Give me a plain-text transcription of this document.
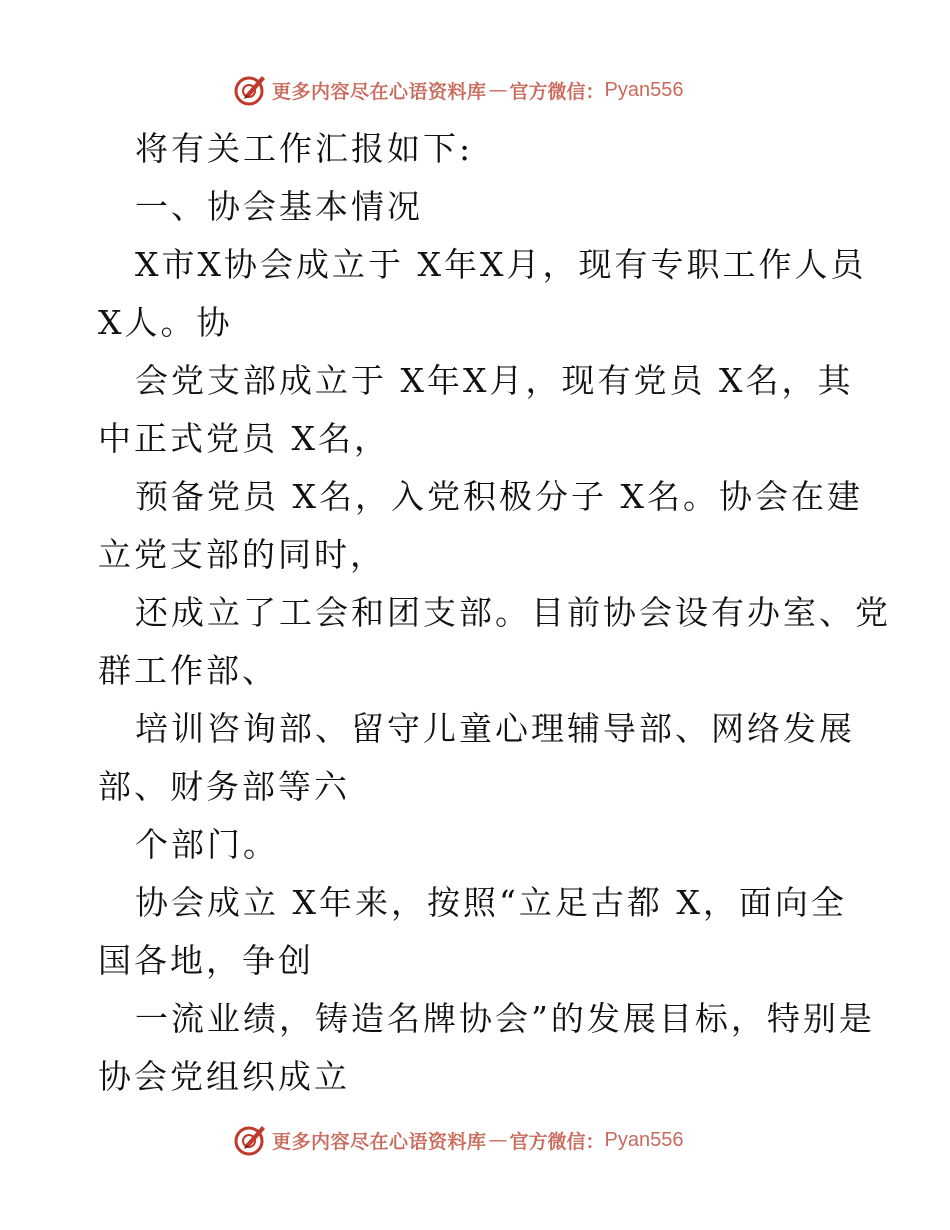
更多内容尽在心语资料库 — 官方微信： Pyan556
将有关工作汇报如下:
一、协会基本情况
X市X协会成立于 X年X月，现有专职工作人员
X人。协
会党支部成立于 X年X月，现有党员 X名，其
中正式党员 X名，
预备党员 X名，入党积极分子 X名。协会在建
立党支部的同时，
还成立了工会和团支部。目前协会设有办室、党
群工作部、
培训咨询部、留守儿童心理辅导部、网络发展
部、财务部等六
个部门。
协会成立 X年来，按照“立足古都 X，面向全
国各地，争创
一流业绩，铸造名牌协会”的发展目标，特别是
协会党组织成立
更多内容尽在心语资料库 — 官方微信： Pyan556
